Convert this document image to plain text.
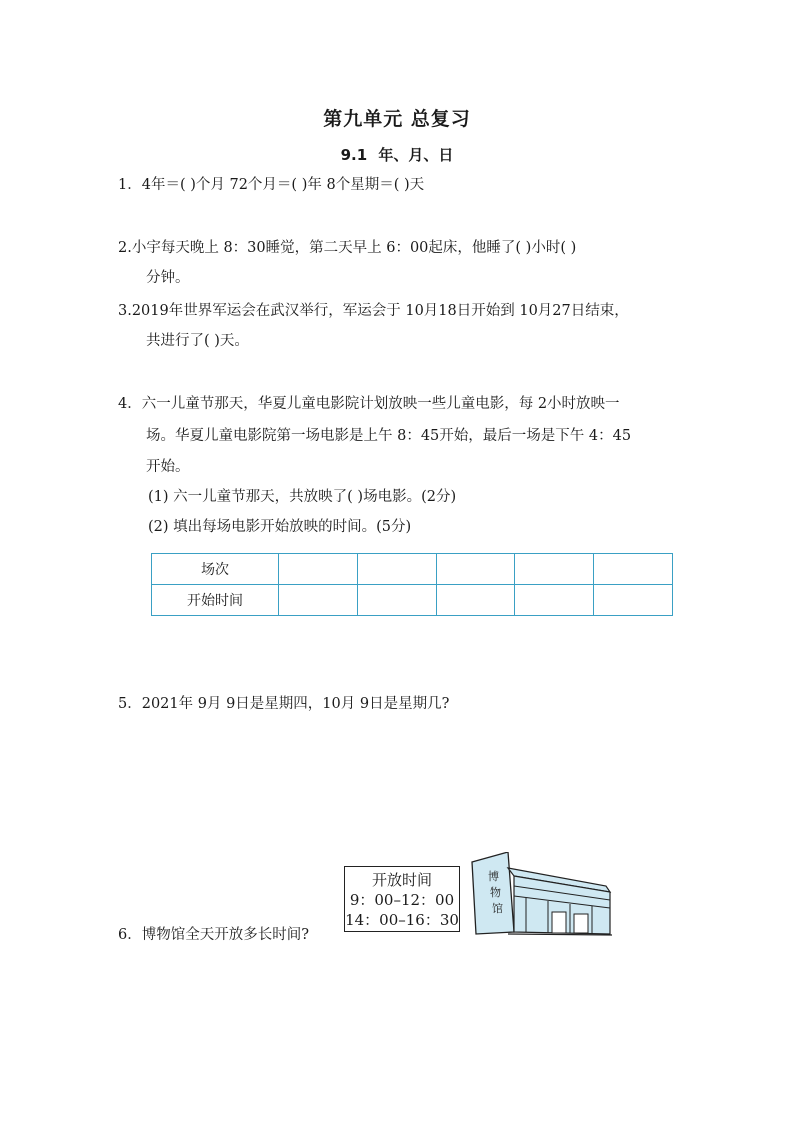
第九单元 总复习
9.1 年、月、日
1．4年＝( )个月 72个月＝( )年 8个星期＝( )天
2.小宇每天晚上 8：30睡觉，第二天早上 6：00起床，他睡了( )小时( )
分钟。
3.2019年世界军运会在武汉举行，军运会于 10月18日开始到 10月27日结束，
共进行了( )天。
4．六一儿童节那天，华夏儿童电影院计划放映一些儿童电影，每 2小时放映一
场。华夏儿童电影院第一场电影是上午 8：45开始，最后一场是下午 4：45
开始。
(1) 六一儿童节那天，共放映了( )场电影。(2分)
(2) 填出每场电影开始放映的时间。(5分)
场次					
开始时间					
5．2021年 9月 9日是星期四，10月 9日是星期几?
6．博物馆全天开放多长时间?
开放时间
9：00–12：00
14：00–16：30
博
物
馆
